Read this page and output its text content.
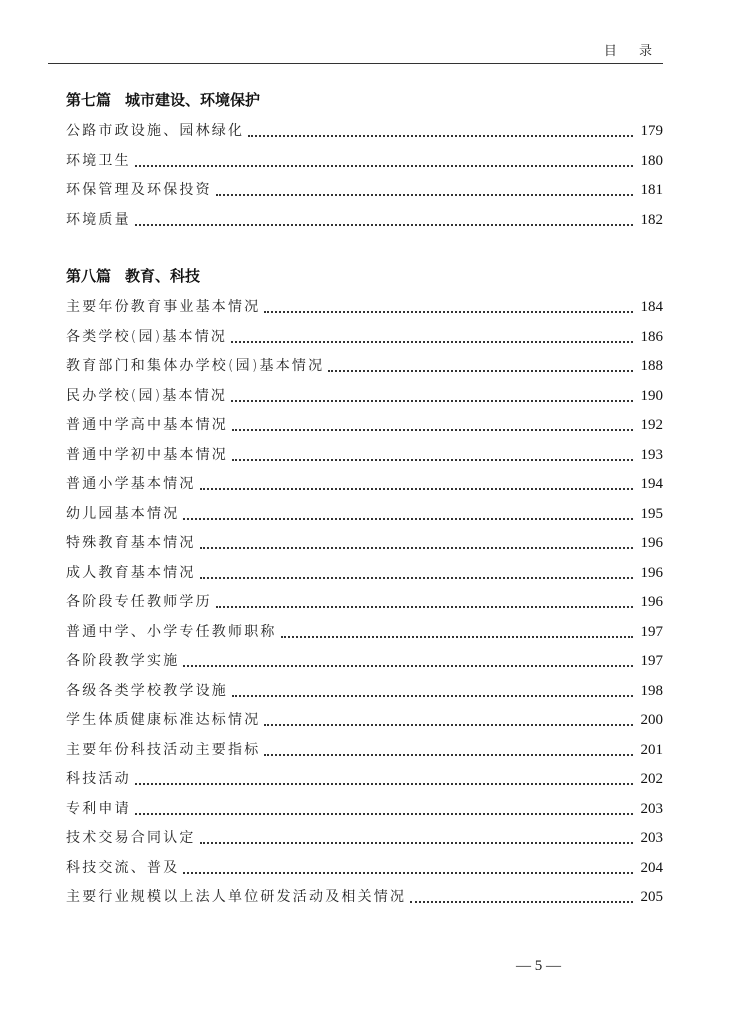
目 录
第七篇 城市建设、环境保护
公路市政设施、园林绿化	179
环境卫生	180
环保管理及环保投资	181
环境质量	182
第八篇 教育、科技
主要年份教育事业基本情况	184
各类学校(园)基本情况	186
教育部门和集体办学校(园)基本情况	188
民办学校(园)基本情况	190
普通中学高中基本情况	192
普通中学初中基本情况	193
普通小学基本情况	194
幼儿园基本情况	195
特殊教育基本情况	196
成人教育基本情况	196
各阶段专任教师学历	196
普通中学、小学专任教师职称	197
各阶段教学实施	197
各级各类学校教学设施	198
学生体质健康标准达标情况	200
主要年份科技活动主要指标	201
科技活动	202
专利申请	203
技术交易合同认定	203
科技交流、普及	204
主要行业规模以上法人单位研发活动及相关情况	205
— 5 —
